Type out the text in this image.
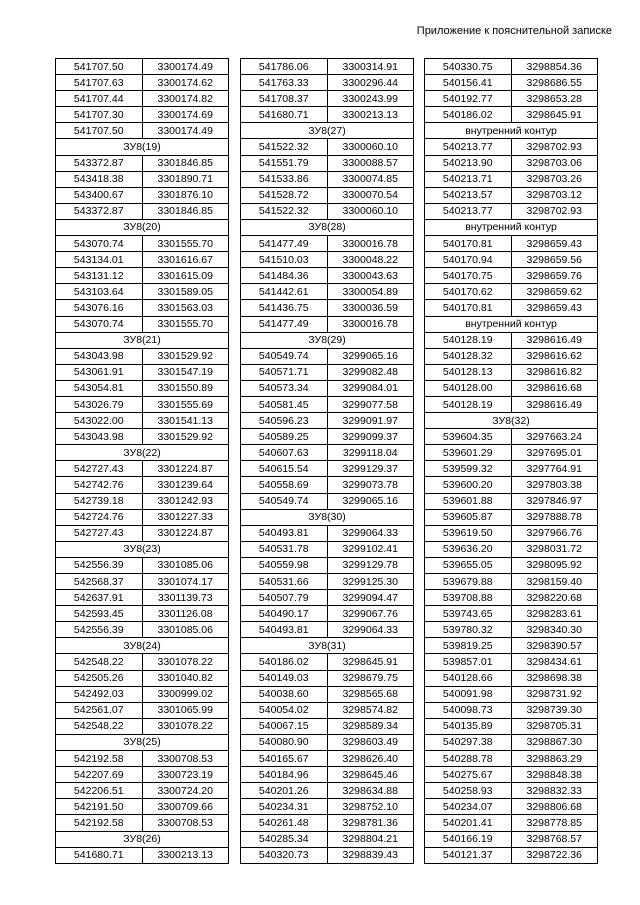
Приложение к пояснительной записке
541707.50	3300174.49
541707.63	3300174.62
541707.44	3300174.82
541707.30	3300174.69
541707.50	3300174.49
ЗУ8(19)	
543372.87	3301846.85
543418.38	3301890.71
543400.67	3301876.10
543372.87	3301846.85
ЗУ8(20)	
543070.74	3301555.70
543134.01	3301616.67
543131.12	3301615.09
543103.64	3301589.05
543076.16	3301563.03
543070.74	3301555.70
ЗУ8(21)	
543043.98	3301529.92
543061.91	3301547.19
543054.81	3301550.89
543026.79	3301555.69
543022.00	3301541.13
543043.98	3301529.92
ЗУ8(22)	
542727.43	3301224.87
542742.76	3301239.64
542739.18	3301242.93
542724.76	3301227.33
542727.43	3301224.87
ЗУ8(23)	
542556.39	3301085.06
542568.37	3301074.17
542637.91	3301139.73
542593.45	3301126.08
542556.39	3301085.06
ЗУ8(24)	
542548.22	3301078.22
542505.26	3301040.82
542492.03	3300999.02
542561.07	3301065.99
542548.22	3301078.22
ЗУ8(25)	
542192.58	3300708.53
542207.69	3300723.19
542206.51	3300724.20
542191.50	3300709.66
542192.58	3300708.53
ЗУ8(26)	
541680.71	3300213.13
541786.06	3300314.91
541763.33	3300296.44
541708.37	3300243.99
541680.71	3300213.13
ЗУ8(27)	
541522.32	3300060.10
541551.79	3300088.57
541533.86	3300074.85
541528.72	3300070.54
541522.32	3300060.10
ЗУ8(28)	
541477.49	3300016.78
541510.03	3300048.22
541484.36	3300043.63
541442.61	3300054.89
541436.75	3300036.59
541477.49	3300016.78
ЗУ8(29)	
540549.74	3299065.16
540571.71	3299082.48
540573.34	3299084.01
540581.45	3299077.58
540596.23	3299091.97
540589.25	3299099.37
540607.63	3299118.04
540615.54	3299129.37
540558.69	3299073.78
540549.74	3299065.16
ЗУ8(30)	
540493.81	3299064.33
540531.78	3299102.41
540559.98	3299129.78
540531.66	3299125.30
540507.79	3299094.47
540490.17	3299067.76
540493.81	3299064.33
ЗУ8(31)	
540186.02	3298645.91
540149.03	3298679.75
540038.60	3298565.68
540054.02	3298574.82
540067.15	3298589.34
540080.90	3298603.49
540165.67	3298626.40
540184.96	3298645.46
540201.26	3298634.88
540234.31	3298752.10
540261.48	3298781.36
540285.34	3298804.21
540320.73	3298839.43
540330.75	3298854.36
540156.41	3298686.55
540192.77	3298653.28
540186.02	3298645.91
внутренний контур	
540213.77	3298702.93
540213.90	3298703.06
540213.71	3298703.26
540213.57	3298703.12
540213.77	3298702.93
внутренний контур	
540170.81	3298659.43
540170.94	3298659.56
540170.75	3298659.76
540170.62	3298659.62
540170.81	3298659.43
внутренний контур	
540128.19	3298616.49
540128.32	3298616.62
540128.13	3298616.82
540128.00	3298616.68
540128.19	3298616.49
ЗУ8(32)	
539604.35	3297663.24
539601.29	3297695.01
539599.32	3297764.91
539600.20	3297803.38
539601.88	3297846.97
539605.87	3297888.78
539619.50	3297966.76
539636.20	3298031.72
539655.05	3298095.92
539679.88	3298159.40
539708.88	3298220.68
539743.65	3298283.61
539780.32	3298340.30
539819.25	3298390.57
539857.01	3298434.61
540128.66	3298698.38
540091.98	3298731.92
540098.73	3298739.30
540135.89	3298705.31
540297.38	3298867.30
540288.78	3298863.29
540275.67	3298848.38
540258.93	3298832.33
540234.07	3298806.68
540201.41	3298778.85
540166.19	3298768.57
540121.37	3298722.36
